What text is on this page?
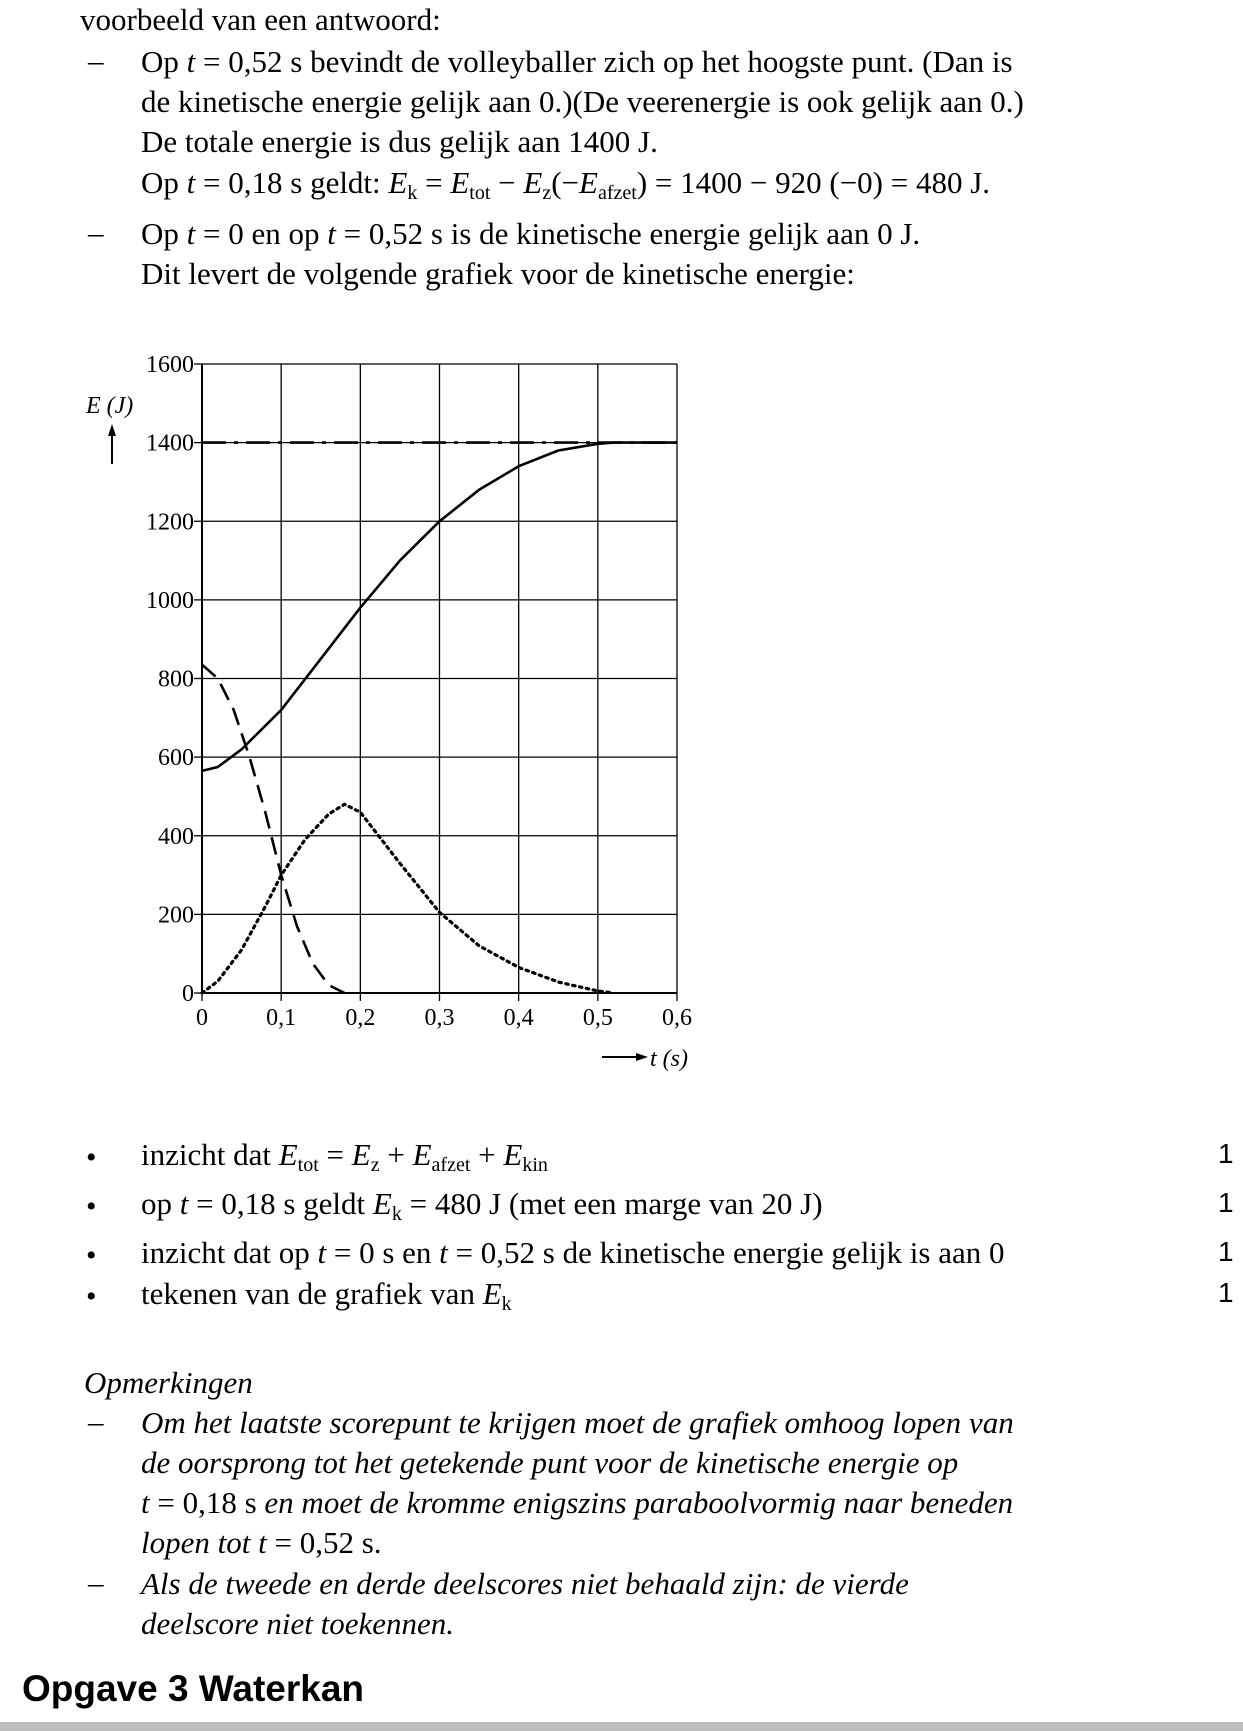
voorbeeld van een antwoord:
– Op t = 0,52 s bevindt de volleyballer zich op het hoogste punt. (Dan is
de kinetische energie gelijk aan 0.)(De veerenergie is ook gelijk aan 0.)
De totale energie is dus gelijk aan 1400 J.
Op t = 0,18 s geldt: $E_k = E_{tot} - E_z(-E_{afzet}) = 1400 - 920$ (−0) = 480 J.
– Op t = 0 en op t = 0,52 s is de kinetische energie gelijk aan 0 J.
Dit levert de volgende grafiek voor de kinetische energie:
0 0,1 0,2 0,3 0,4 0,5 0,6
0
200
400
600
800
1000
1200
1400
1600
E (J)
t (s)
• inzicht dat $E_{tot} = E_z + E_{afzet} + E_{kin}$	1
• op t = 0,18 s geldt $E_k = 480$ J (met een marge van 20 J)	1
• inzicht dat op t = 0 s en t = 0,52 s de kinetische energie gelijk is aan 0	1
• tekenen van de grafiek van $E_k$	1
Opmerkingen
– Om het laatste scorepunt te krijgen moet de grafiek omhoog lopen van
de oorsprong tot het getekende punt voor de kinetische energie op
t = 0,18 s en moet de kromme enigszins paraboolvormig naar beneden
lopen tot t = 0,52 s.
– Als de tweede en derde deelscores niet behaald zijn: de vierde
deelscore niet toekennen.
Opgave 3 Waterkan
